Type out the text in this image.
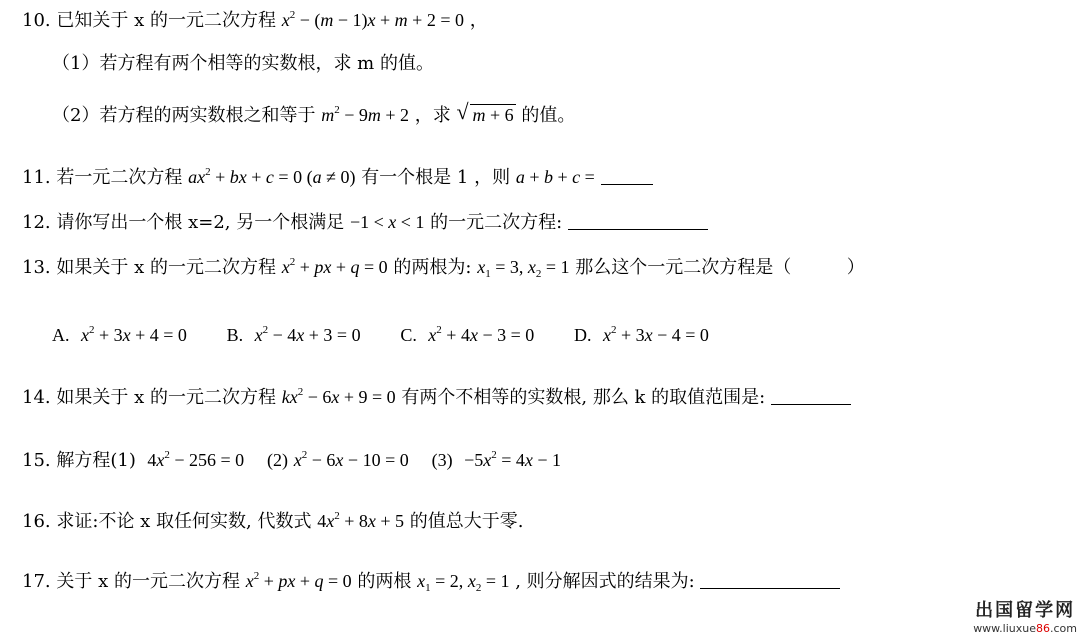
10. 已知关于 x 的一元二次方程 $x^2 - (m - 1)x + m + 2 = 0$ ，
（1）若方程有两个相等的实数根，求 m 的值。
（2）若方程的两实数根之和等于 $m^2 - 9m + 2$ ，求 √ m + 6 的值。
11. 若一元二次方程 $ax^2$ + bx + c = 0 (a ≠ 0) 有一个根是 1 ，则 a + b + c =
12. 请你写出一个根 x=2, 另一个根满足 −1 < x < 1 的一元二次方程:
13. 如果关于 x 的一元二次方程 $x^2$ + px + q = 0 的两根为: $x_1 = 3$, $x_2 = 1$ 那么这个一元二次方程是（	）
A. $x^2 + 3x + 4 = 0$ B. $x^2 - 4x + 3 = 0$ C. $x^2 + 4x - 3 = 0$ D. $x^2 + 3x - 4 = 0$
14. 如果关于 x 的一元二次方程 $kx^2 - 6x + 9 = 0$ 有两个不相等的实数根, 那么 k 的取值范围是:
15. 解方程(1) $4x^2 - 256 = 0$ (2) $x^2 - 6x - 10 = 0$ $(3) -5x^2 = 4x - 1$
16. 求证:不论 x 取任何实数, 代数式 $4x^2 + 8x + 5$ 的值总大于零.
17. 关于 x 的一元二次方程 $x^2$ + px + q = 0 的两根 $x_1 = 2$, $x_2 = 1$ , 则分解因式的结果为:
出国留学网
www.liuxue86.com
